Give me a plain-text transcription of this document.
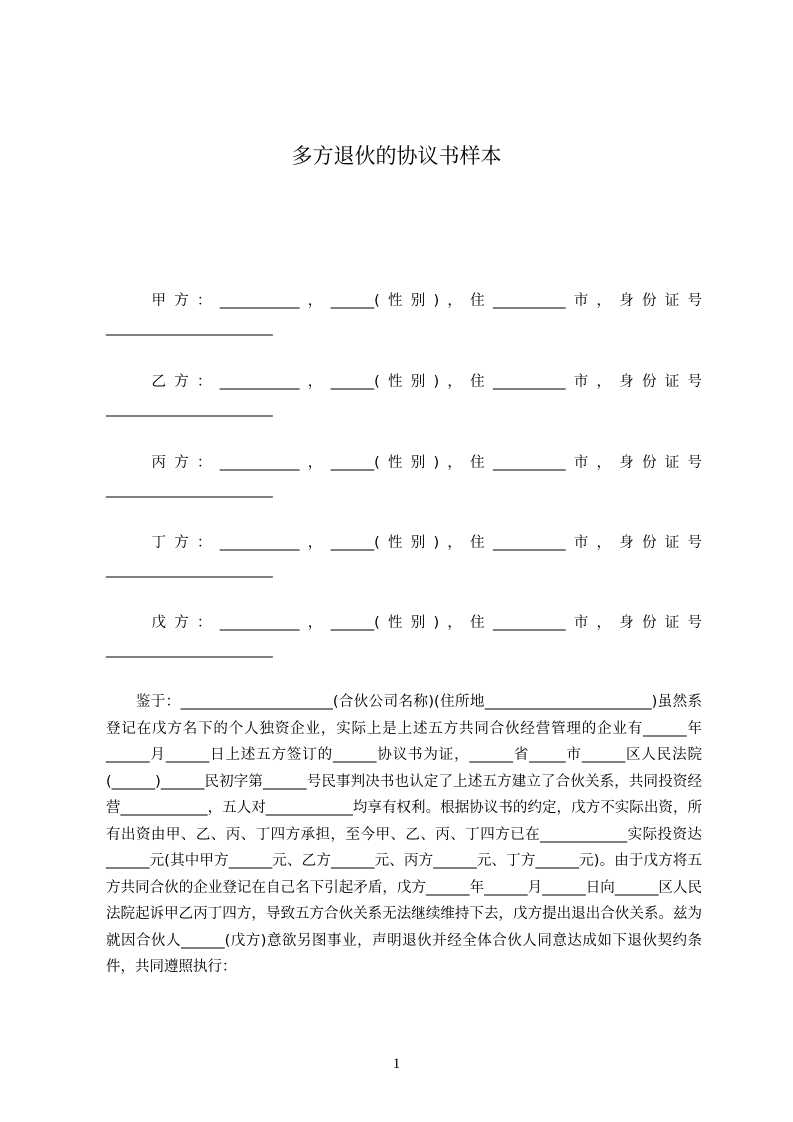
多方退伙的协议书样本
　　甲方：___________，______(性别)，住__________市，身份证号_______________________
　　乙方：___________，______(性别)，住__________市，身份证号_______________________
　　丙方：___________，______(性别)，住__________市，身份证号_______________________
　　丁方：___________，______(性别)，住__________市，身份证号_______________________
　　戊方：___________，______(性别)，住__________市，身份证号_______________________
　　鉴于：_____________________(合伙公司名称)(住所地_______________________)虽然系登记在戊方名下的个人独资企业，实际上是上述五方共同合伙经营管理的企业有______年______月______日上述五方签订的______协议书为证，______省_____市______区人民法院(______)______民初字第______号民事判决书也认定了上述五方建立了合伙关系，共同投资经营____________，五人对____________均享有权利。根据协议书的约定，戊方不实际出资，所有出资由甲、乙、丙、丁四方承担，至今甲、乙、丙、丁四方已在____________实际投资达______元(其中甲方______元、乙方______元、丙方______元、丁方______元)。由于戊方将五方共同合伙的企业登记在自己名下引起矛盾，戊方______年______月______日向______区人民法院起诉甲乙丙丁四方，导致五方合伙关系无法继续维持下去，戊方提出退出合伙关系。兹为就因合伙人______(戊方)意欲另图事业，声明退伙并经全体合伙人同意达成如下退伙契约条件，共同遵照执行：
1
